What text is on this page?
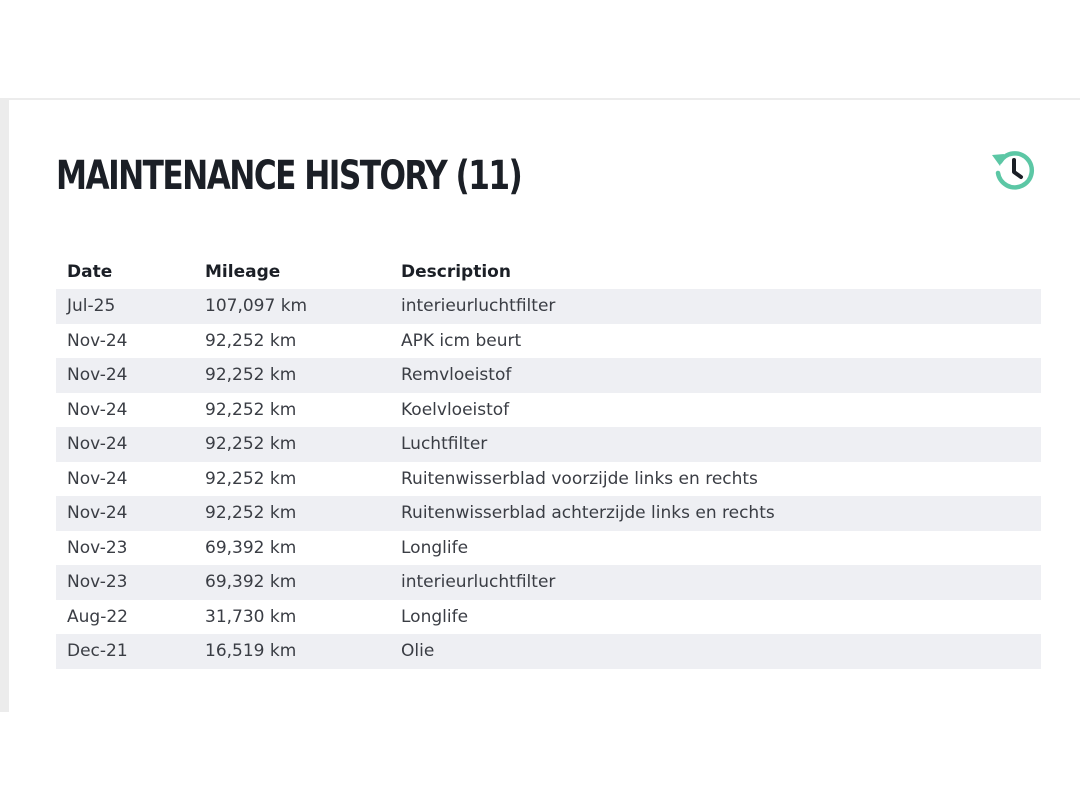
MAINTENANCE HISTORY (11)
Date	Mileage	Description
Jul-25	107,097 km	interieurluchtfilter
Nov-24	92,252 km	APK icm beurt
Nov-24	92,252 km	Remvloeistof
Nov-24	92,252 km	Koelvloeistof
Nov-24	92,252 km	Luchtfilter
Nov-24	92,252 km	Ruitenwisserblad voorzijde links en rechts
Nov-24	92,252 km	Ruitenwisserblad achterzijde links en rechts
Nov-23	69,392 km	Longlife
Nov-23	69,392 km	interieurluchtfilter
Aug-22	31,730 km	Longlife
Dec-21	16,519 km	Olie
